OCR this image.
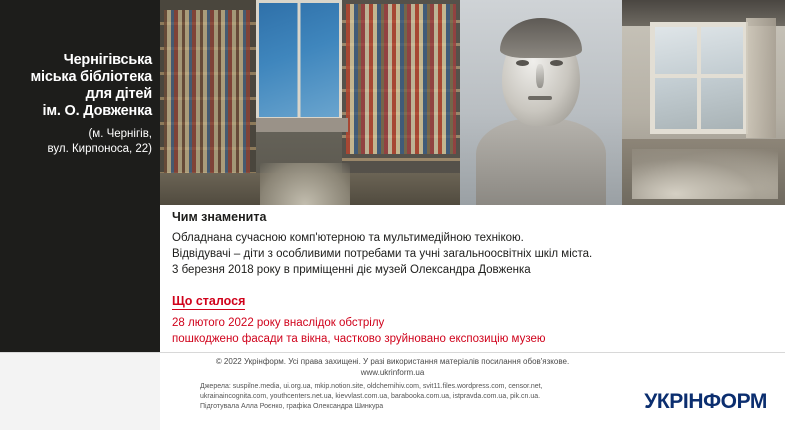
Чернігівська
міська бібліотека
для дітей
ім. О. Довженка
(м. Чернігів,
вул. Кирпоноса, 22)
Чим знаменита
Обладнана сучасною комп'ютерною та мультимедійною технікою.
Відвідувачі – діти з особливими потребами та учні загальноосвітніх шкіл міста.
3 березня 2018 року в приміщенні діє музей Олександра Довженка
Що сталося
28 лютого 2022 року внаслідок обстрілу
пошкоджено фасади та вікна, частково зруйновано експозицію музею
© 2022 Укрінформ. Усі права захищені. У разі використання матеріалів посилання обов'язкове.
www.ukrinform.ua
Джерела: suspilne.media, ui.org.ua, mkip.notion.site, oldchernihiv.com, svit11.files.wordpress.com, censor.net,
ukrainaincognita.com, youthcenters.net.ua, kievvlast.com.ua, barabooka.com.ua, istpravda.com.ua, pik.cn.ua.
Підготувала Алла Роєнко, графіка Олександра Шинкура	УКРІНФОРМ
